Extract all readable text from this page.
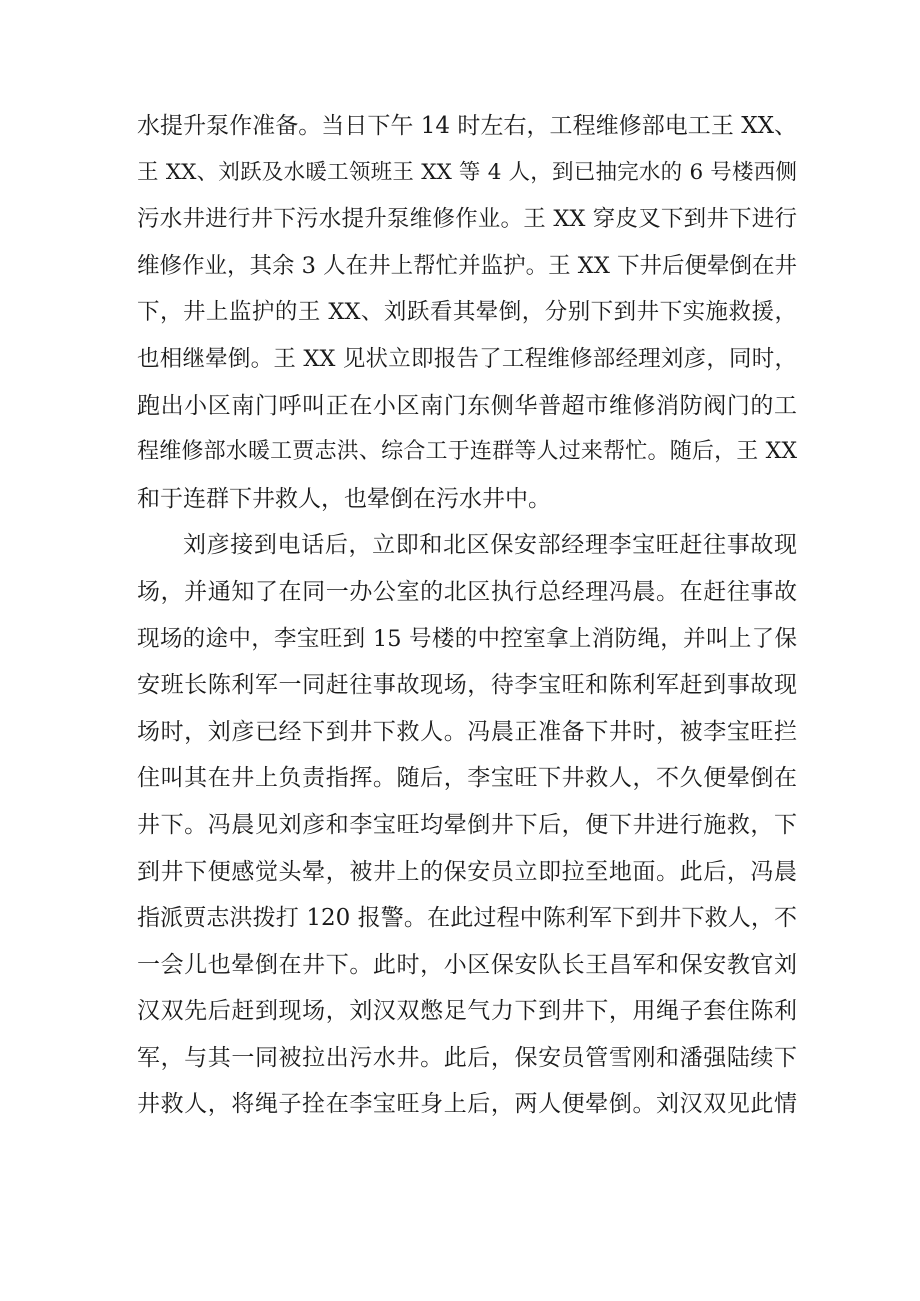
水提升泵作准备。当日下午 14 时左右，工程维修部电工王 XX、
王 XX、刘跃及水暖工领班王 XX 等 4 人，到已抽完水的 6 号楼西侧
污水井进行井下污水提升泵维修作业。王 XX 穿皮叉下到井下进行
维修作业，其余 3 人在井上帮忙并监护。王 XX 下井后便晕倒在井
下，井上监护的王 XX、刘跃看其晕倒，分别下到井下实施救援，
也相继晕倒。王 XX 见状立即报告了工程维修部经理刘彦，同时，
跑出小区南门呼叫正在小区南门东侧华普超市维修消防阀门的工
程维修部水暖工贾志洪、综合工于连群等人过来帮忙。随后，王 XX
和于连群下井救人，也晕倒在污水井中。
刘彦接到电话后，立即和北区保安部经理李宝旺赶往事故现
场，并通知了在同一办公室的北区执行总经理冯晨。在赶往事故
现场的途中，李宝旺到 15 号楼的中控室拿上消防绳，并叫上了保
安班长陈利军一同赶往事故现场，待李宝旺和陈利军赶到事故现
场时，刘彦已经下到井下救人。冯晨正准备下井时，被李宝旺拦
住叫其在井上负责指挥。随后，李宝旺下井救人，不久便晕倒在
井下。冯晨见刘彦和李宝旺均晕倒井下后，便下井进行施救，下
到井下便感觉头晕，被井上的保安员立即拉至地面。此后，冯晨
指派贾志洪拨打 120 报警。在此过程中陈利军下到井下救人，不
一会儿也晕倒在井下。此时，小区保安队长王昌军和保安教官刘
汉双先后赶到现场，刘汉双憋足气力下到井下，用绳子套住陈利
军，与其一同被拉出污水井。此后，保安员管雪刚和潘强陆续下
井救人，将绳子拴在李宝旺身上后，两人便晕倒。刘汉双见此情
